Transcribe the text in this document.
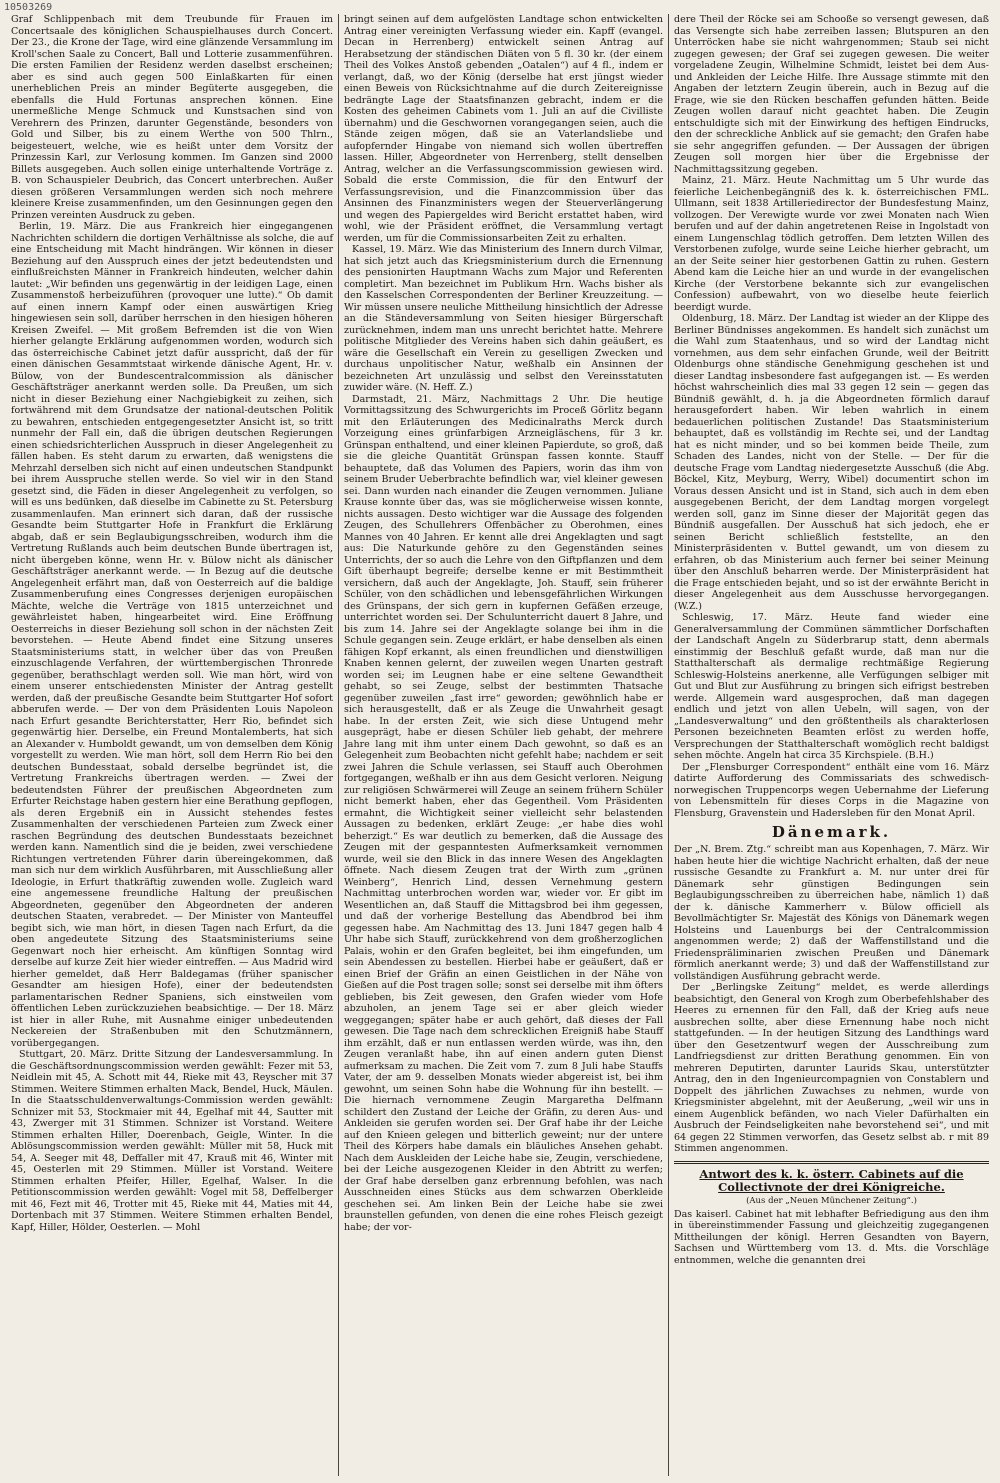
10503269

Graf Schlippenbach mit dem Treubunde für Frauen im Concertsaale des königlichen Schauspielhauses durch Concert. Der 23., die Krone der Tage, wird eine glänzende Versammlung im Kroll'schen Saale zu Concert, Ball und Lotterie zusammenführen. Die ersten Familien der Residenz werden daselbst erscheinen; aber es sind auch gegen 500 Einlaßkarten für einen unerheblichen Preis an minder Begüterte ausgegeben, die ebenfalls die Huld Fortunas ansprechen können. Eine unermeßliche Menge Schmuck und Kunstsachen sind von Verehrern des Prinzen, darunter Gegenstände, besonders von Gold und Silber, bis zu einem Werthe von 500 Thlrn., beigesteuert, welche, wie es heißt unter dem Vorsitz der Prinzessin Karl, zur Verlosung kommen. Im Ganzen sind 2000 Billets ausgegeben. Auch sollen einige unterhaltende Vorträge z. B. von Schauspieler Deubrich, das Concert unterbrechen. Außer diesen größeren Versammlungen werden sich noch mehrere kleinere Kreise zusammenfinden, um den Gesinnungen gegen den Prinzen vereinten Ausdruck zu geben.

Berlin, 19. März. Die aus Frankreich hier eingegangenen Nachrichten schildern die dortigen Verhältnisse als solche, die auf eine Entscheidung mit Macht hindrängen. Wir können in dieser Beziehung auf den Ausspruch eines der jetzt bedeutendsten und einflußreichsten Männer in Frankreich hindeuten, welcher dahin lautet: „Wir befinden uns gegenwärtig in der leidigen Lage, einen Zusammenstoß herbeizuführen (provoquer une lutte).“ Ob damit auf einen innern Kampf oder einen auswärtigen Krieg hingewiesen sein soll, darüber herrschen in den hiesigen höheren Kreisen Zweifel. — Mit großem Befremden ist die von Wien hierher gelangte Erklärung aufgenommen worden, wodurch sich das österreichische Cabinet jetzt dafür ausspricht, daß der für einen dänischen Gesammtstaat wirkende dänische Agent, Hr. v. Bülow, von der Bundescentralcommission als dänischer Geschäftsträger anerkannt werden solle. Da Preußen, um sich nicht in dieser Beziehung einer Nachgiebigkeit zu zeihen, sich fortwährend mit dem Grundsatze der national-deutschen Politik zu bewahren, entschieden entgegengesetzter Ansicht ist, so tritt nunmehr der Fall ein, daß die übrigen deutschen Regierungen einen schiedsrichterlichen Ausspruch in dieser Angelegenheit zu fällen haben. Es steht darum zu erwarten, daß wenigstens die Mehrzahl derselben sich nicht auf einen undeutschen Standpunkt bei ihrem Ausspruche stellen werde. So viel wir in den Stand gesetzt sind, die Fäden in dieser Angelegenheit zu verfolgen, so will es uns bedünken, daß dieselbe im Cabinette zu St. Petersburg zusammenlaufen. Man erinnert sich daran, daß der russische Gesandte beim Stuttgarter Hofe in Frankfurt die Erklärung abgab, daß er sein Beglaubigungsschreiben, wodurch ihm die Vertretung Rußlands auch beim deutschen Bunde übertragen ist, nicht übergeben könne, wenn Hr. v. Bülow nicht als dänischer Geschäftsträger anerkannt werde. — In Bezug auf die deutsche Angelegenheit erfährt man, daß von Oesterreich auf die baldige Zusammenberufung eines Congresses derjenigen europäischen Mächte, welche die Verträge von 1815 unterzeichnet und gewährleistet haben, hingearbeitet wird. Eine Eröffnung Oesterreichs in dieser Beziehung soll schon in der nächsten Zeit bevorstehen. — Heute Abend findet eine Sitzung unseres Staatsministeriums statt, in welcher über das von Preußen einzuschlagende Verfahren, der württembergischen Thronrede gegenüber, berathschlagt werden soll. Wie man hört, wird von einem unserer entschiedensten Minister der Antrag gestellt werden, daß der preußische Gesandte beim Stuttgarter Hof sofort abberufen werde. — Der von dem Präsidenten Louis Napoleon nach Erfurt gesandte Berichterstatter, Herr Rio, befindet sich gegenwärtig hier. Derselbe, ein Freund Montalemberts, hat sich an Alexander v. Humboldt gewandt, um von demselben dem König vorgestellt zu werden. Wie man hört, soll dem Herrn Rio bei den deutschen Bundesstaat, sobald derselbe begründet ist, die Vertretung Frankreichs übertragen werden. — Zwei der bedeutendsten Führer der preußischen Abgeordneten zum Erfurter Reichstage haben gestern hier eine Berathung gepflogen, als deren Ergebniß ein in Aussicht stehendes festes Zusammenhalten der verschiedenen Parteien zum Zweck einer raschen Begründung des deutschen Bundesstaats bezeichnet werden kann. Namentlich sind die je beiden, zwei verschiedene Richtungen vertretenden Führer darin übereingekommen, daß man sich nur dem wirklich Ausführbaren, mit Ausschließung aller Ideologie, in Erfurt thatkräftig zuwenden wolle. Zugleich ward eine angemessene freundliche Haltung der preußischen Abgeordneten, gegenüber den Abgeordneten der anderen deutschen Staaten, verabredet. — Der Minister von Manteuffel begibt sich, wie man hört, in diesen Tagen nach Erfurt, da die oben angedeutete Sitzung des Staatsministeriums seine Gegenwart noch hier erheischt. Am künftigen Sonntag wird derselbe auf kurze Zeit hier wieder eintreffen. — Aus Madrid wird hierher gemeldet, daß Herr Baldegamas (früher spanischer Gesandter am hiesigen Hofe), einer der bedeutendsten parlamentarischen Redner Spaniens, sich einstweilen vom öffentlichen Leben zurückzuziehen beabsichtige. — Der 18. März ist hier in aller Ruhe, mit Ausnahme einiger unbedeutenden Neckereien der Straßenbuben mit den Schutzmännern, vorübergegangen.

Stuttgart, 20. März. Dritte Sitzung der Landesversammlung. In die Geschäftsordnungscommission werden gewählt: Fezer mit 53, Neidlein mit 45, A. Schott mit 44, Rieke mit 43, Reyscher mit 37 Stimmen. Weitere Stimmen erhalten Mack, Bendel, Huck, Mäulen. In die Staatsschuldenverwaltungs-Commission werden gewählt: Schnizer mit 53, Stockmaier mit 44, Egelhaf mit 44, Sautter mit 43, Zwerger mit 31 Stimmen. Schnizer ist Vorstand. Weitere Stimmen erhalten Hiller, Doerenbach, Geigle, Winter. In die Ablösungscommission werden gewählt: Müller mit 58, Huck mit 54, A. Seeger mit 48, Deffaller mit 47, Krauß mit 46, Winter mit 45, Oesterlen mit 29 Stimmen. Müller ist Vorstand. Weitere Stimmen erhalten Pfeifer, Hiller, Egelhaf, Walser. In die Petitionscommission werden gewählt: Vogel mit 58, Deffelberger mit 46, Fezt mit 46, Trotter mit 45, Rieke mit 44, Maties mit 44, Dortenbach mit 37 Stimmen. Weitere Stimmen erhalten Bendel, Kapf, Hiller, Hölder, Oesterlen. — Mohl

bringt seinen auf dem aufgelösten Landtage schon entwickelten Antrag einer vereinigten Verfassung wieder ein. Kapff (evangel. Decan in Herrenberg) entwickelt seinen Antrag auf Herabsetzung der ständischen Diäten von 5 fl. 30 kr. (der einem Theil des Volkes Anstoß gebenden „Oatalen“) auf 4 fl., indem er verlangt, daß, wo der König (derselbe hat erst jüngst wieder einen Beweis von Rücksichtnahme auf die durch Zeitereignisse bedrängte Lage der Staatsfinanzen gebracht, indem er die Kosten des geheimen Cabinets vom 1. Juli an auf die Civilliste übernahm) und die Geschwornen vorangegangen seien, auch die Stände zeigen mögen, daß sie an Vaterlandsliebe und aufopfernder Hingabe von niemand sich wollen übertreffen lassen. Hiller, Abgeordneter von Herrenberg, stellt denselben Antrag, welcher an die Verfassungscommission gewiesen wird. Sobald die erste Commission, die für den Entwurf der Verfassungsrevision, und die Finanzcommission über das Ansinnen des Finanzministers wegen der Steuerverlängerung und wegen des Papiergeldes wird Bericht erstattet haben, wird wohl, wie der Präsident eröffnet, die Versammlung vertagt werden, um für die Commissionsarbeiten Zeit zu erhalten.

Kassel, 19. März. Wie das Ministerium des Innern durch Vilmar, hat sich jetzt auch das Kriegsministerium durch die Ernennung des pensionirten Hauptmann Wachs zum Major und Referenten completirt. Man bezeichnet im Publikum Hrn. Wachs bisher als den Kasselschen Correspondenten der Berliner Kreuzzeitung. — Wir müssen unsere neuliche Mittheilung hinsichtlich der Adresse an die Ständeversammlung von Seiten hiesiger Bürgerschaft zurücknehmen, indem man uns unrecht berichtet hatte. Mehrere politische Mitglieder des Vereins haben sich dahin geäußert, es wäre die Gesellschaft ein Verein zu geselligen Zwecken und durchaus unpolitischer Natur, weßhalb ein Ansinnen der bezeichneten Art unzulässig und selbst den Vereinsstatuten zuwider wäre. (N. Heff. Z.)

Darmstadt, 21. März, Nachmittags 2 Uhr. Die heutige Vormittagssitzung des Schwurgerichts im Proceß Görlitz begann mit den Erläuterungen des Medicinalraths Merck durch Vorzeigung eines grünfarbigen Arzneigläschens, für 3 kr. Grünspan enthaltend, und einer kleinen Papierdute, so groß, daß sie die gleiche Quantität Grünspan fassen konnte. Stauff behauptete, daß das Volumen des Papiers, worin das ihm von seinem Bruder Ueberbrachte befindlich war, viel kleiner gewesen sei. Dann wurden nach einander die Zeugen vernommen. Juliane Krause konnte über das, was sie möglicherweise wissen konnte, nichts aussagen. Desto wichtiger war die Aussage des folgenden Zeugen, des Schullehrers Offenbächer zu Oberohmen, eines Mannes von 40 Jahren. Er kennt alle drei Angeklagten und sagt aus: Die Naturkunde gehöre zu den Gegenständen seines Unterrichts, der so auch die Lehre von den Giftpflanzen und dem Gift überhaupt begreife; derselbe kenne er mit Bestimmtheit versichern, daß auch der Angeklagte, Joh. Stauff, sein früherer Schüler, von den schädlichen und lebensgefährlichen Wirkungen des Grünspans, der sich gern in kupfernen Gefäßen erzeuge, unterrichtet worden sei. Der Schulunterricht dauert 8 Jahre, und bis zum 14. Jahre sei der Angeklagte solange bei ihm in die Schule gegangen sein. Zeuge erklärt, er habe denselben als einen fähigen Kopf erkannt, als einen freundlichen und dienstwilligen Knaben kennen gelernt, der zuweilen wegen Unarten gestraft worden sei; im Leugnen habe er eine seltene Gewandtheit gehabt, so sei Zeuge, selbst der bestimmten Thatsache gegenüber zuweilen „fast irre“ geworden; gewöhnlich habe er sich herausgestellt, daß er als Zeuge die Unwahrheit gesagt habe. In der ersten Zeit, wie sich diese Untugend mehr ausgeprägt, habe er diesen Schüler lieb gehabt, der mehrere Jahre lang mit ihm unter einem Dach gewohnt, so daß es an Gelegenheit zum Beobachten nicht gefehlt habe; nachdem er seit zwei Jahren die Schule verlassen, sei Stauff auch Oberohmen fortgegangen, weßhalb er ihn aus dem Gesicht verloren. Neigung zur religiösen Schwärmerei will Zeuge an seinem frühern Schüler nicht bemerkt haben, eher das Gegentheil. Vom Präsidenten ermahnt, die Wichtigkeit seiner vielleicht sehr belastenden Aussagen zu bedenken, erklärt Zeuge: „er habe dies wohl beherzigt.“ Es war deutlich zu bemerken, daß die Aussage des Zeugen mit der gespanntesten Aufmerksamkeit vernommen wurde, weil sie den Blick in das innere Wesen des Angeklagten öffnete. Nach diesem Zeugen trat der Wirth zum „grünen Weinberg“, Henrich Lind, dessen Vernehmung gestern Nachmittag unterbrochen worden war, wieder vor. Er gibt im Wesentlichen an, daß Stauff die Mittagsbrod bei ihm gegessen, und daß der vorherige Bestellung das Abendbrod bei ihm gegessen habe. Am Nachmittag des 13. Juni 1847 gegen halb 4 Uhr habe sich Stauff, zurückkehrend von dem großherzoglichen Palais, wohin er den Grafen begleitet, bei ihm eingefunden, um sein Abendessen zu bestellen. Hierbei habe er geäußert, daß er einen Brief der Gräfin an einen Geistlichen in der Nähe von Gießen auf die Post tragen solle; sonst sei derselbe mit ihm öfters geblieben, bis Zeit gewesen, den Grafen wieder vom Hofe abzuholen, an jenem Tage sei er aber gleich wieder weggegangen; später habe er auch gehört, daß dieses der Fall gewesen. Die Tage nach dem schrecklichen Ereigniß habe Stauff ihm erzählt, daß er nun entlassen werden würde, was ihn, den Zeugen veranlaßt habe, ihn auf einen andern guten Dienst aufmerksam zu machen. Die Zeit vom 7. zum 8 Juli habe Stauffs Vater, der am 9. desselben Monats wieder abgereist ist, bei ihm gewohnt, um seinen Sohn habe die Wohnung für ihn bestellt. — Die hiernach vernommene Zeugin Margaretha Delfmann schildert den Zustand der Leiche der Gräfin, zu deren Aus- und Ankleiden sie gerufen worden sei. Der Graf habe ihr der Leiche auf den Knieen gelegen und bitterlich geweint; nur der untere Theil des Körpers habe damals ein bläuliches Ansehen gehabt. Nach dem Auskleiden der Leiche habe sie, Zeugin, verschiedene, bei der Leiche ausgezogenen Kleider in den Abtritt zu werfen; der Graf habe derselben ganz erbrennung befohlen, was nach Ausschneiden eines Stücks aus dem schwarzen Oberkleide geschehen sei. Am linken Bein der Leiche habe sie zwei braunstellen gefunden, von denen die eine rohes Fleisch gezeigt habe; der vor-

dere Theil der Röcke sei am Schooße so versengt gewesen, daß das Versengte sich habe zerreiben lassen; Blutspuren an den Unterröcken habe sie nicht wahrgenommen; Staub sei nicht zugegen gewesen; der Graf sei zugegen gewesen. Die weiter vorgeladene Zeugin, Wilhelmine Schmidt, leistet bei dem Aus- und Ankleiden der Leiche Hilfe. Ihre Aussage stimmte mit den Angaben der letztern Zeugin überein, auch in Bezug auf die Frage, wie sie den Rücken beschaffen gefunden hätten. Beide Zeugen wollen darauf nicht geachtet haben. Die Zeugin entschuldigte sich mit der Einwirkung des heftigen Eindrucks, den der schreckliche Anblick auf sie gemacht; den Grafen habe sie sehr angegriffen gefunden. — Der Aussagen der übrigen Zeugen soll morgen hier über die Ergebnisse der Nachmittagssitzung gegeben.

Mainz, 21. März. Heute Nachmittag um 5 Uhr wurde das feierliche Leichenbegängniß des k. k. österreichischen FML. Ullmann, seit 1838 Artilleriedirector der Bundesfestung Mainz, vollzogen. Der Verewigte wurde vor zwei Monaten nach Wien berufen und auf der dahin angetretenen Reise in Ingolstadt von einem Lungenschlag tödlich getroffen. Dem letzten Willen des Verstorbenen zufolge, wurde seine Leiche hierher gebracht, um an der Seite seiner hier gestorbenen Gattin zu ruhen. Gestern Abend kam die Leiche hier an und wurde in der evangelischen Kirche (der Verstorbene bekannte sich zur evangelischen Confession) aufbewahrt, von wo dieselbe heute feierlich beerdigt wurde.

Oldenburg, 18. März. Der Landtag ist wieder an der Klippe des Berliner Bündnisses angekommen. Es handelt sich zunächst um die Wahl zum Staatenhaus, und so wird der Landtag nicht vornehmen, aus dem sehr einfachen Grunde, weil der Beitritt Oldenburgs ohne ständische Genehmigung geschehen ist und dieser Landtag insbesondere fast aufgegangen ist. — Es werden höchst wahrscheinlich dies mal 33 gegen 12 sein — gegen das Bündniß gewählt, d. h. ja die Abgeordneten förmlich darauf herausgefordert haben. Wir leben wahrlich in einem bedauerlichen politischen Zustande! Das Staatsministerium behauptet, daß es vollständig im Rechte sei, und der Landtag hat es nicht minder, und so bei kommen beide Theile, zum Schaden des Landes, nicht von der Stelle. — Der für die deutsche Frage vom Landtag niedergesetzte Ausschuß (die Abg. Böckel, Kitz, Meyburg, Werry, Wibel) documentirt schon im Voraus dessen Ansicht und ist in Stand, sich auch in dem eben ausgegebenen Bericht, der dem Landtag morgen vorgelegt werden soll, ganz im Sinne dieser der Majorität gegen das Bündniß ausgefallen. Der Ausschuß hat sich jedoch, ehe er seinen Bericht schließlich feststellte, an den Ministerpräsidenten v. Buttel gewandt, um von diesem zu erfahren, ob das Ministerium auch ferner bei seiner Meinung über den Anschluß beharren werde. Der Ministerpräsident hat die Frage entschieden bejaht, und so ist der erwähnte Bericht in dieser Angelegenheit aus dem Ausschusse hervorgegangen. (W.Z.)

Schleswig, 17. März. Heute fand wieder eine Generalversammlung der Commünen sämmtlicher Dorfschaften der Landschaft Angeln zu Süderbrarup statt, denn abermals einstimmig der Beschluß gefaßt wurde, daß man nur die Statthalterschaft als dermalige rechtmäßige Regierung Schleswig-Holsteins anerkenne, alle Verfügungen selbiger mit Gut und Blut zur Ausführung zu bringen sich eifrigst bestreben werde. Allgemein ward ausgesprochen, daß man dagegen endlich und jetzt von allen Uebeln, will sagen, von der „Landesverwaltung“ und den größtentheils als charakterlosen Personen bezeichneten Beamten erlöst zu werden hoffe, Versprechungen der Statthalterschaft womöglich recht baldigst sehen möchte. Angeln hat circa 35 Kirchspiele. (B.H.)

Der „Flensburger Correspondent“ enthält eine vom 16. März datirte Aufforderung des Commissariats des schwedisch-norwegischen Truppencorps wegen Uebernahme der Lieferung von Lebensmitteln für dieses Corps in die Magazine von Flensburg, Gravenstein und Hadersleben für den Monat April.

Dänemark.

Der „N. Brem. Ztg.“ schreibt man aus Kopenhagen, 7. März. Wir haben heute hier die wichtige Nachricht erhalten, daß der neue russische Gesandte zu Frankfurt a. M. nur unter drei für Dänemark sehr günstigen Bedingungen sein Beglaubigungsschreiben zu überreichen habe, nämlich 1) daß der k. dänische Kammerherr v. Bülow officiell als Bevollmächtigter Sr. Majestät des Königs von Dänemark wegen Holsteins und Lauenburgs bei der Centralcommission angenommen werde; 2) daß der Waffenstillstand und die Friedenspräliminarien zwischen Preußen und Dänemark förmlich anerkannt werde; 3) und daß der Waffenstillstand zur vollständigen Ausführung gebracht werde.

Der „Berlingske Zeitung“ meldet, es werde allerdings beabsichtigt, den General von Krogh zum Oberbefehlshaber des Heeres zu ernennen für den Fall, daß der Krieg aufs neue ausbrechen sollte, aber diese Ernennung habe noch nicht stattgefunden. — In der heutigen Sitzung des Landthings ward über den Gesetzentwurf wegen der Ausschreibung zum Landfriegsdienst zur dritten Berathung genommen. Ein von mehreren Deputirten, darunter Laurids Skau, unterstützter Antrag, den in den Ingenieurcompagnien von Constablern und Doppelt des jährlichen Zuwachses zu nehmen, wurde von Kriegsminister abgelehnt, mit der Aeußerung, „weil wir uns in einem Augenblick befänden, wo nach Vieler Dafürhalten ein Ausbruch der Feindseligkeiten nahe bevorstehend sei“, und mit 64 gegen 22 Stimmen verworfen, das Gesetz selbst ab. r mit 89 Stimmen angenommen.

Antwort des k. k. österr. Cabinets auf die Collectivnote der drei Königreiche.
(Aus der „Neuen Münchener Zeitung“.)

Das kaiserl. Cabinet hat mit lebhafter Befriedigung aus den ihm in übereinstimmender Fassung und gleichzeitig zugegangenen Mittheilungen der königl. Herren Gesandten von Bayern, Sachsen und Württemberg vom 13. d. Mts. die Vorschläge entnommen, welche die genannten drei
